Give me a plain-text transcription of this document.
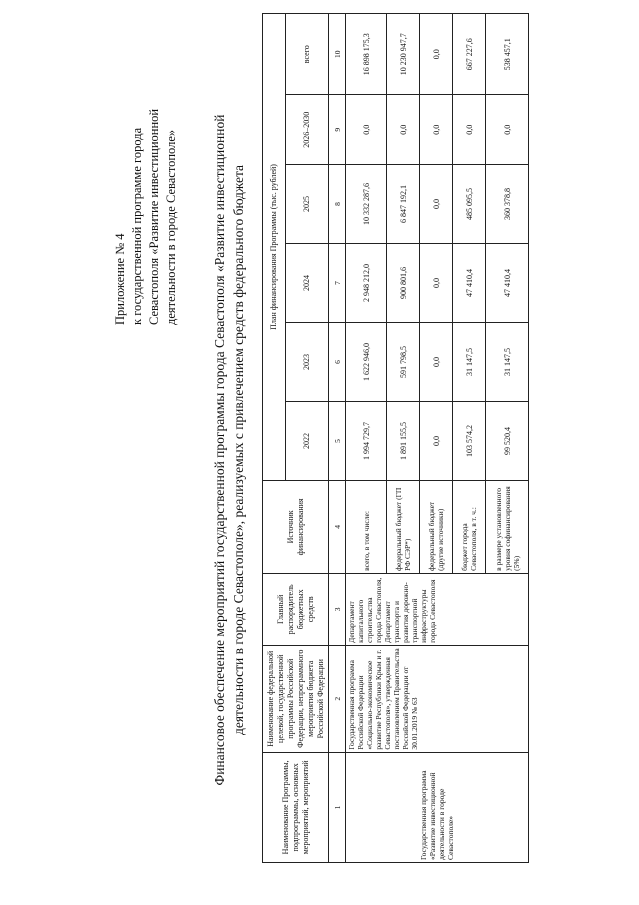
Приложение № 4 к государственной программе города Севастополя «Развитие инвестиционной деятельности в городе Севастополе»	Финансовое обеспечение мероприятий государственной программы города Севастополя «Развитие инвестиционной деятельности в городе Севастополе», реализуемых с привлечением средств федерального бюджета
Наименование Программы, подпрограммы, основных мероприятий, мероприятий	Наименование федеральной целевой, государственной программы Российской Федерации, непрограммного мероприятия бюджета Российской Федерации	Главный распорядитель бюджетных средств	Источник финансирования	План финансирования Программы (тыс. рублей)					
				2022	2023	2024	2025	2026–2030	всего
1	2	3	4	5	6	7	8	9	10
Государственная программа «Развитие инвестиционной деятельности в городе Севастополе»	Государственная программа Российской Федерации «Социально-экономическое развитие Республики Крым и г. Севастополя», утвержденная постановлением Правительства Российской Федерации от 30.01.2019 № 63	Департамент капитального строительства города Севастополя, Департамент транспорта и развития дорожно-транспортной инфраструктуры города Севастополя	всего, в том числе:	1 994 729,7	1 622 946,0	2 948 212,0	10 332 287,6	0,0	16 898 175,3
			федеральный бюджет (ГП РФ СЭР*)	1 891 155,5	591 798,5	900 801,6	6 847 192,1	0,0	10 230 947,7
			федеральный бюджет (другие источники)	0,0	0,0	0,0	0,0	0,0	0,0
			бюджет города Севастополя, в т. ч.:	103 574,2	31 147,5	47 410,4	485 095,5	0,0	667 227,6
			в размере установленного уровня софинансирования (5%)	99 520,4	31 147,5	47 410,4	360 378,8	0,0	538 457,1
